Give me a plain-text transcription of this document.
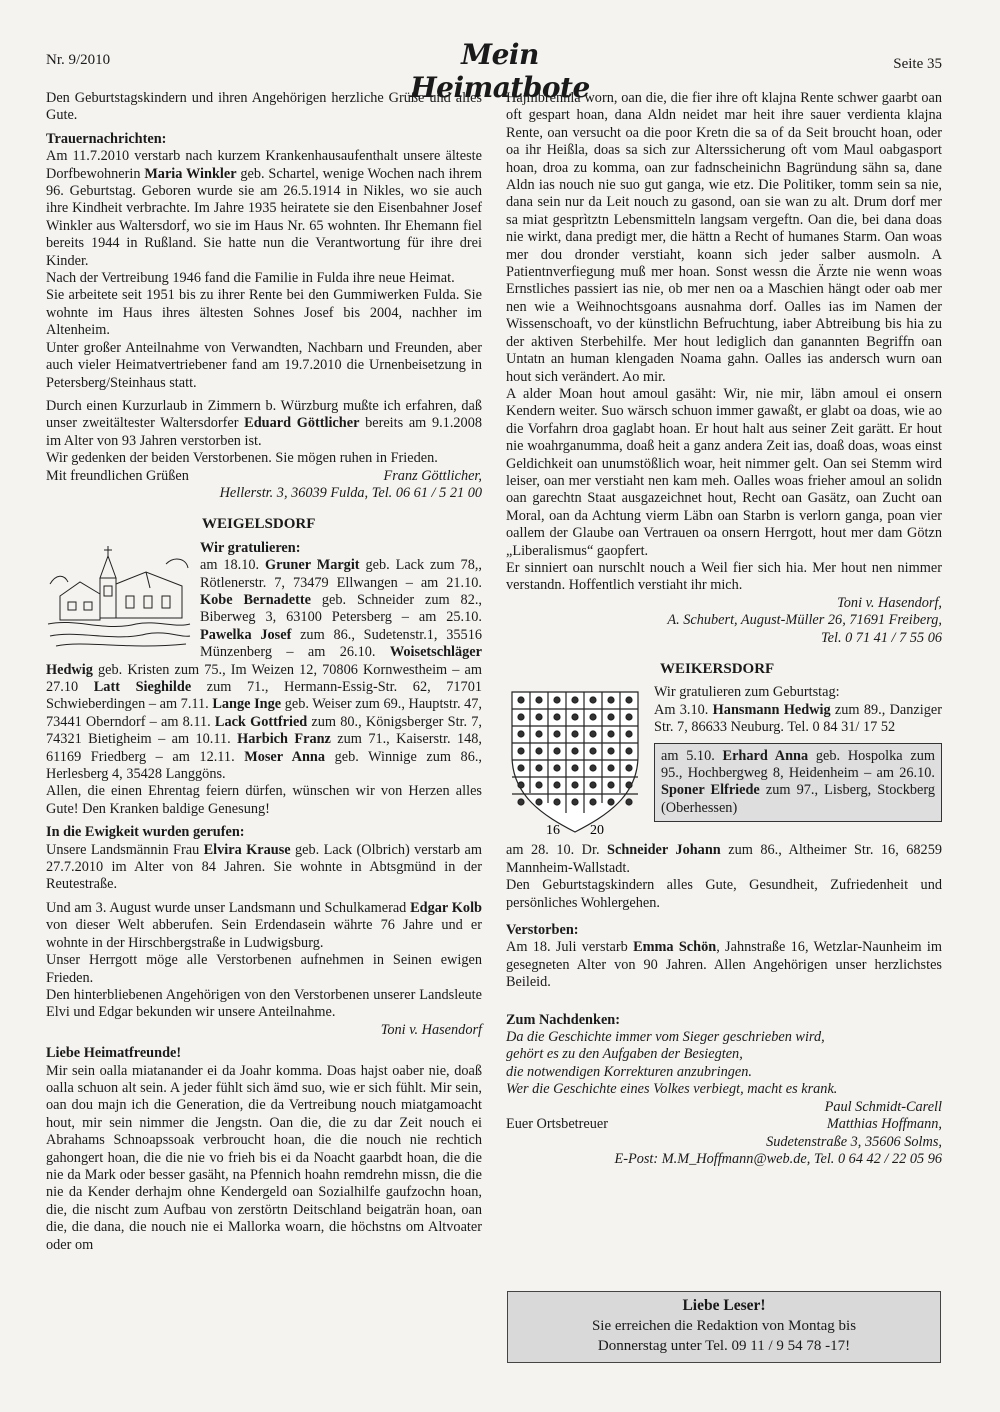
Nr. 9/2010	Mein Heimatbote
Seite 35

Den Geburtstagskindern und ihren Angehörigen herzliche Grüße und alles Gute.

Trauernachrichten:

Am 11.7.2010 verstarb nach kurzem Krankenhausaufenthalt unsere älteste Dorfbewohnerin Maria Winkler geb. Schartel, wenige Wochen nach ihrem 96. Geburtstag. Geboren wurde sie am 26.5.1914 in Nikles, wo sie auch ihre Kindheit verbrachte. Im Jahre 1935 heiratete sie den Eisenbahner Josef Winkler aus Waltersdorf, wo sie im Haus Nr. 65 wohnten. Ihr Ehemann fiel bereits 1944 in Rußland. Sie hatte nun die Verantwortung für ihre drei Kinder.

Nach der Vertreibung 1946 fand die Familie in Fulda ihre neue Heimat.

Sie arbeitete seit 1951 bis zu ihrer Rente bei den Gummiwerken Fulda. Sie wohnte im Haus ihres ältesten Sohnes Josef bis 2004, nachher im Altenheim.

Unter großer Anteilnahme von Verwandten, Nachbarn und Freunden, aber auch vieler Heimatvertriebener fand am 19.7.2010 die Urnenbeisetzung in Petersberg/Steinhaus statt.

Durch einen Kurzurlaub in Zimmern b. Würzburg mußte ich erfahren, daß unser zweitältester Waltersdorfer Eduard Göttlicher bereits am 9.1.2008 im Alter von 93 Jahren verstorben ist.

Wir gedenken der beiden Verstorbenen. Sie mögen ruhen in Frieden.

Mit freundlichen Grüßen	Franz Göttlicher,
Hellerstr. 3, 36039 Fulda, Tel. 06 61 / 5 21 00
WEIGELSDORF
Wir gratulieren:

am 18.10. Gruner Margit geb. Lack zum 78,, Rötlenerstr. 7, 73479 Ellwangen – am 21.10. Kobe Bernadette geb. Schneider zum 82., Biberweg 3, 63100 Petersberg – am 25.10. Pawelka Josef zum 86., Sudetenstr.1, 35516 Münzenberg – am 26.10. Woisetschläger Hedwig geb. Kristen zum 75., Im Weizen 12, 70806 Kornwestheim – am 27.10 Latt Sieghilde zum 71., Hermann-Essig-Str. 62, 71701 Schwieberdingen – am 7.11. Lange Inge geb. Weiser zum 69., Hauptstr. 47, 73441 Oberndorf – am 8.11. Lack Gottfried zum 80., Königsberger Str. 7, 74321 Bietigheim – am 10.11. Harbich Franz zum 71., Kaiserstr. 148, 61169 Friedberg – am 12.11. Moser Anna geb. Winnige zum 86., Herlesberg 4, 35428 Langgöns.

Allen, die einen Ehrentag feiern dürfen, wünschen wir von Herzen alles Gute! Den Kranken baldige Genesung!

In die Ewigkeit wurden gerufen:

Unsere Landsmännin Frau Elvira Krause geb. Lack (Olbrich) verstarb am 27.7.2010 im Alter von 84 Jahren. Sie wohnte in Abtsgmünd in der Reutestraße.

Und am 3. August wurde unser Landsmann und Schulkamerad Edgar Kolb von dieser Welt abberufen. Sein Erdendasein währte 76 Jahre und er wohnte in der Hirschbergstraße in Ludwigsburg.

Unser Herrgott möge alle Verstorbenen aufnehmen in Seinen ewigen Frieden.

Den hinterbliebenen Angehörigen von den Verstorbenen unserer Landsleute Elvi und Edgar bekunden wir unsere Anteilnahme.

Toni v. Hasendorf
Liebe Heimatfreunde!

Mir sein oalla miatanander ei da Joahr komma. Doas hajst oaber nie, doaß oalla schuon alt sein. A jeder fühlt sich ämd suo, wie er sich fühlt. Mir sein, oan dou majn ich die Generation, die da Vertreibung nouch miatgamoacht hout, mir sein nimmer die Jengstn. Oan die, die zu dar Zeit nouch ei Abrahams Schnoapssoak verbroucht hoan, die die nouch nie rechtich gahongert hoan, die die nie vo frieh bis ei da Noacht gaarbdt hoan, die die nie da Mark oder besser gasäht, na Pfennich hoahn remdrehn missn, die die nie da Kender derhajm ohne Kendergeld oan Sozialhilfe gaufzochn hoan, die, die nischt zum Aufbau von zerstörtn Deitschland beigaträn hoan, oan die, die dana, die nouch nie ei Mallorka woarn, die höchstns om Altvoater oder om

Hajmbrennla worn, oan die, die fier ihre oft klajna Rente schwer gaarbt oan oft gespart hoan, dana Aldn neidet mar heit ihre sauer verdienta klajna Rente, oan versucht oa die poor Kretn die sa of da Seit broucht hoan, oder oa ihr Heißla, doas sa sich zur Alterssicherung oft vom Maul oabgasport hoan, droa zu komma, oan zur fadnscheinichn Bagründung sähn sa, dane Aldn ias nouch nie suo gut ganga, wie etz. Die Politiker, tomm sein sa nie, dana sein nur da Leit nouch zu gasond, oan sie wan zu alt. Drum dorf mer sa miat gesprìtztn Lebensmitteln langsam vergeftn. Oan die, bei dana doas nie wirkt, dana predigt mer, die hättn a Recht of humanes Starm. Oan woas mer dou dronder verstiaht, koann sich jeder salber ausmoln. A Patientnverfiegung muß mer hoan. Sonst wessn die Ärzte nie wenn woas Ernstliches passiert ias nie, ob mer nen oa a Maschien hängt oder oab mer nen wie a Weihnochtsgoans ausnahma dorf. Oalles ias im Namen der Wissenschoaft, vo der künstlichn Befruchtung, iaber Abtreibung bis hia zu der aktiven Sterbehilfe. Mer hout lediglich dan ganannten Begriffn oan Untatn an human klengaden Noama gahn. Oalles ias andersch wurn oan hout sich verändert. Ao mir.

A alder Moan hout amoul gasäht: Wir, nie mir, läbn amoul ei onsern Kendern weiter. Suo wärsch schuon immer gawaßt, er glabt oa doas, wie ao die Vorfahrn droa gaglabt hoan. Er hout halt aus seiner Zeit garätt. Er hout nie woahrganumma, doaß heit a ganz andera Zeit ias, doaß doas, woas einst Geldichkeit oan unumstößlich woar, heit nimmer gelt. Oan sei Stemm wird leiser, oan mer verstiaht nen kam meh. Oalles woas frieher amoul an solidn oan garechtn Staat ausgazeichnet hout, Recht oan Gasätz, oan Zucht oan Moral, oan da Achtung vierm Läbn oan Starbn is verlorn ganga, poan vier oallem der Glaube oan Vertrauen oa onsern Herrgott, hout mer dam Götzn „Liberalismus“ gaopfert.

Er sinniert oan nurschlt nouch a Weil fier sich hia. Mer hout nen nimmer verstandn. Hoffentlich verstiaht ihr mich.

Toni v. Hasendorf,
A. Schubert, August-Müller 26, 71691 Freiberg,
Tel. 0 71 41 / 7 55 06
WEIKERSDORF
16 20
Wir gratulieren zum Geburtstag:

Am 3.10. Hansmann Hedwig zum 89., Danziger Str. 7, 86633 Neuburg. Tel. 0 84 31/ 17 52

am 5.10. Erhard Anna geb. Hospolka zum 95., Hochbergweg 8, Heidenheim – am 26.10. Sponer Elfriede zum 97., Lisberg, Stockberg (Oberhessen)

am 28. 10. Dr. Schneider Johann zum 86., Altheimer Str. 16, 68259 Mannheim-Wallstadt.

Den Geburtstagskindern alles Gute, Gesundheit, Zufriedenheit und persönliches Wohlergehen.

Verstorben:

Am 18. Juli verstarb Emma Schön, Jahnstraße 16, Wetzlar-Naunheim im gesegneten Alter von 90 Jahren. Allen Angehörigen unser herzlichstes Beileid.

Zum Nachdenken:
Da die Geschichte immer vom Sieger geschrieben wird,
gehört es zu den Aufgaben der Besiegten,
die notwendigen Korrekturen anzubringen.
Wer die Geschichte eines Volkes verbiegt, macht es krank.
Paul Schmidt-Carell
Euer Ortsbetreuer	Matthias Hoffmann,
Sudetenstraße 3, 35606 Solms,
E-Post: M.M_Hoffmann@web.de, Tel. 0 64 42 / 22 05 96
Liebe Leser!
Sie erreichen die Redaktion von Montag bis
Donnerstag unter Tel. 09 11 / 9 54 78 -17!
